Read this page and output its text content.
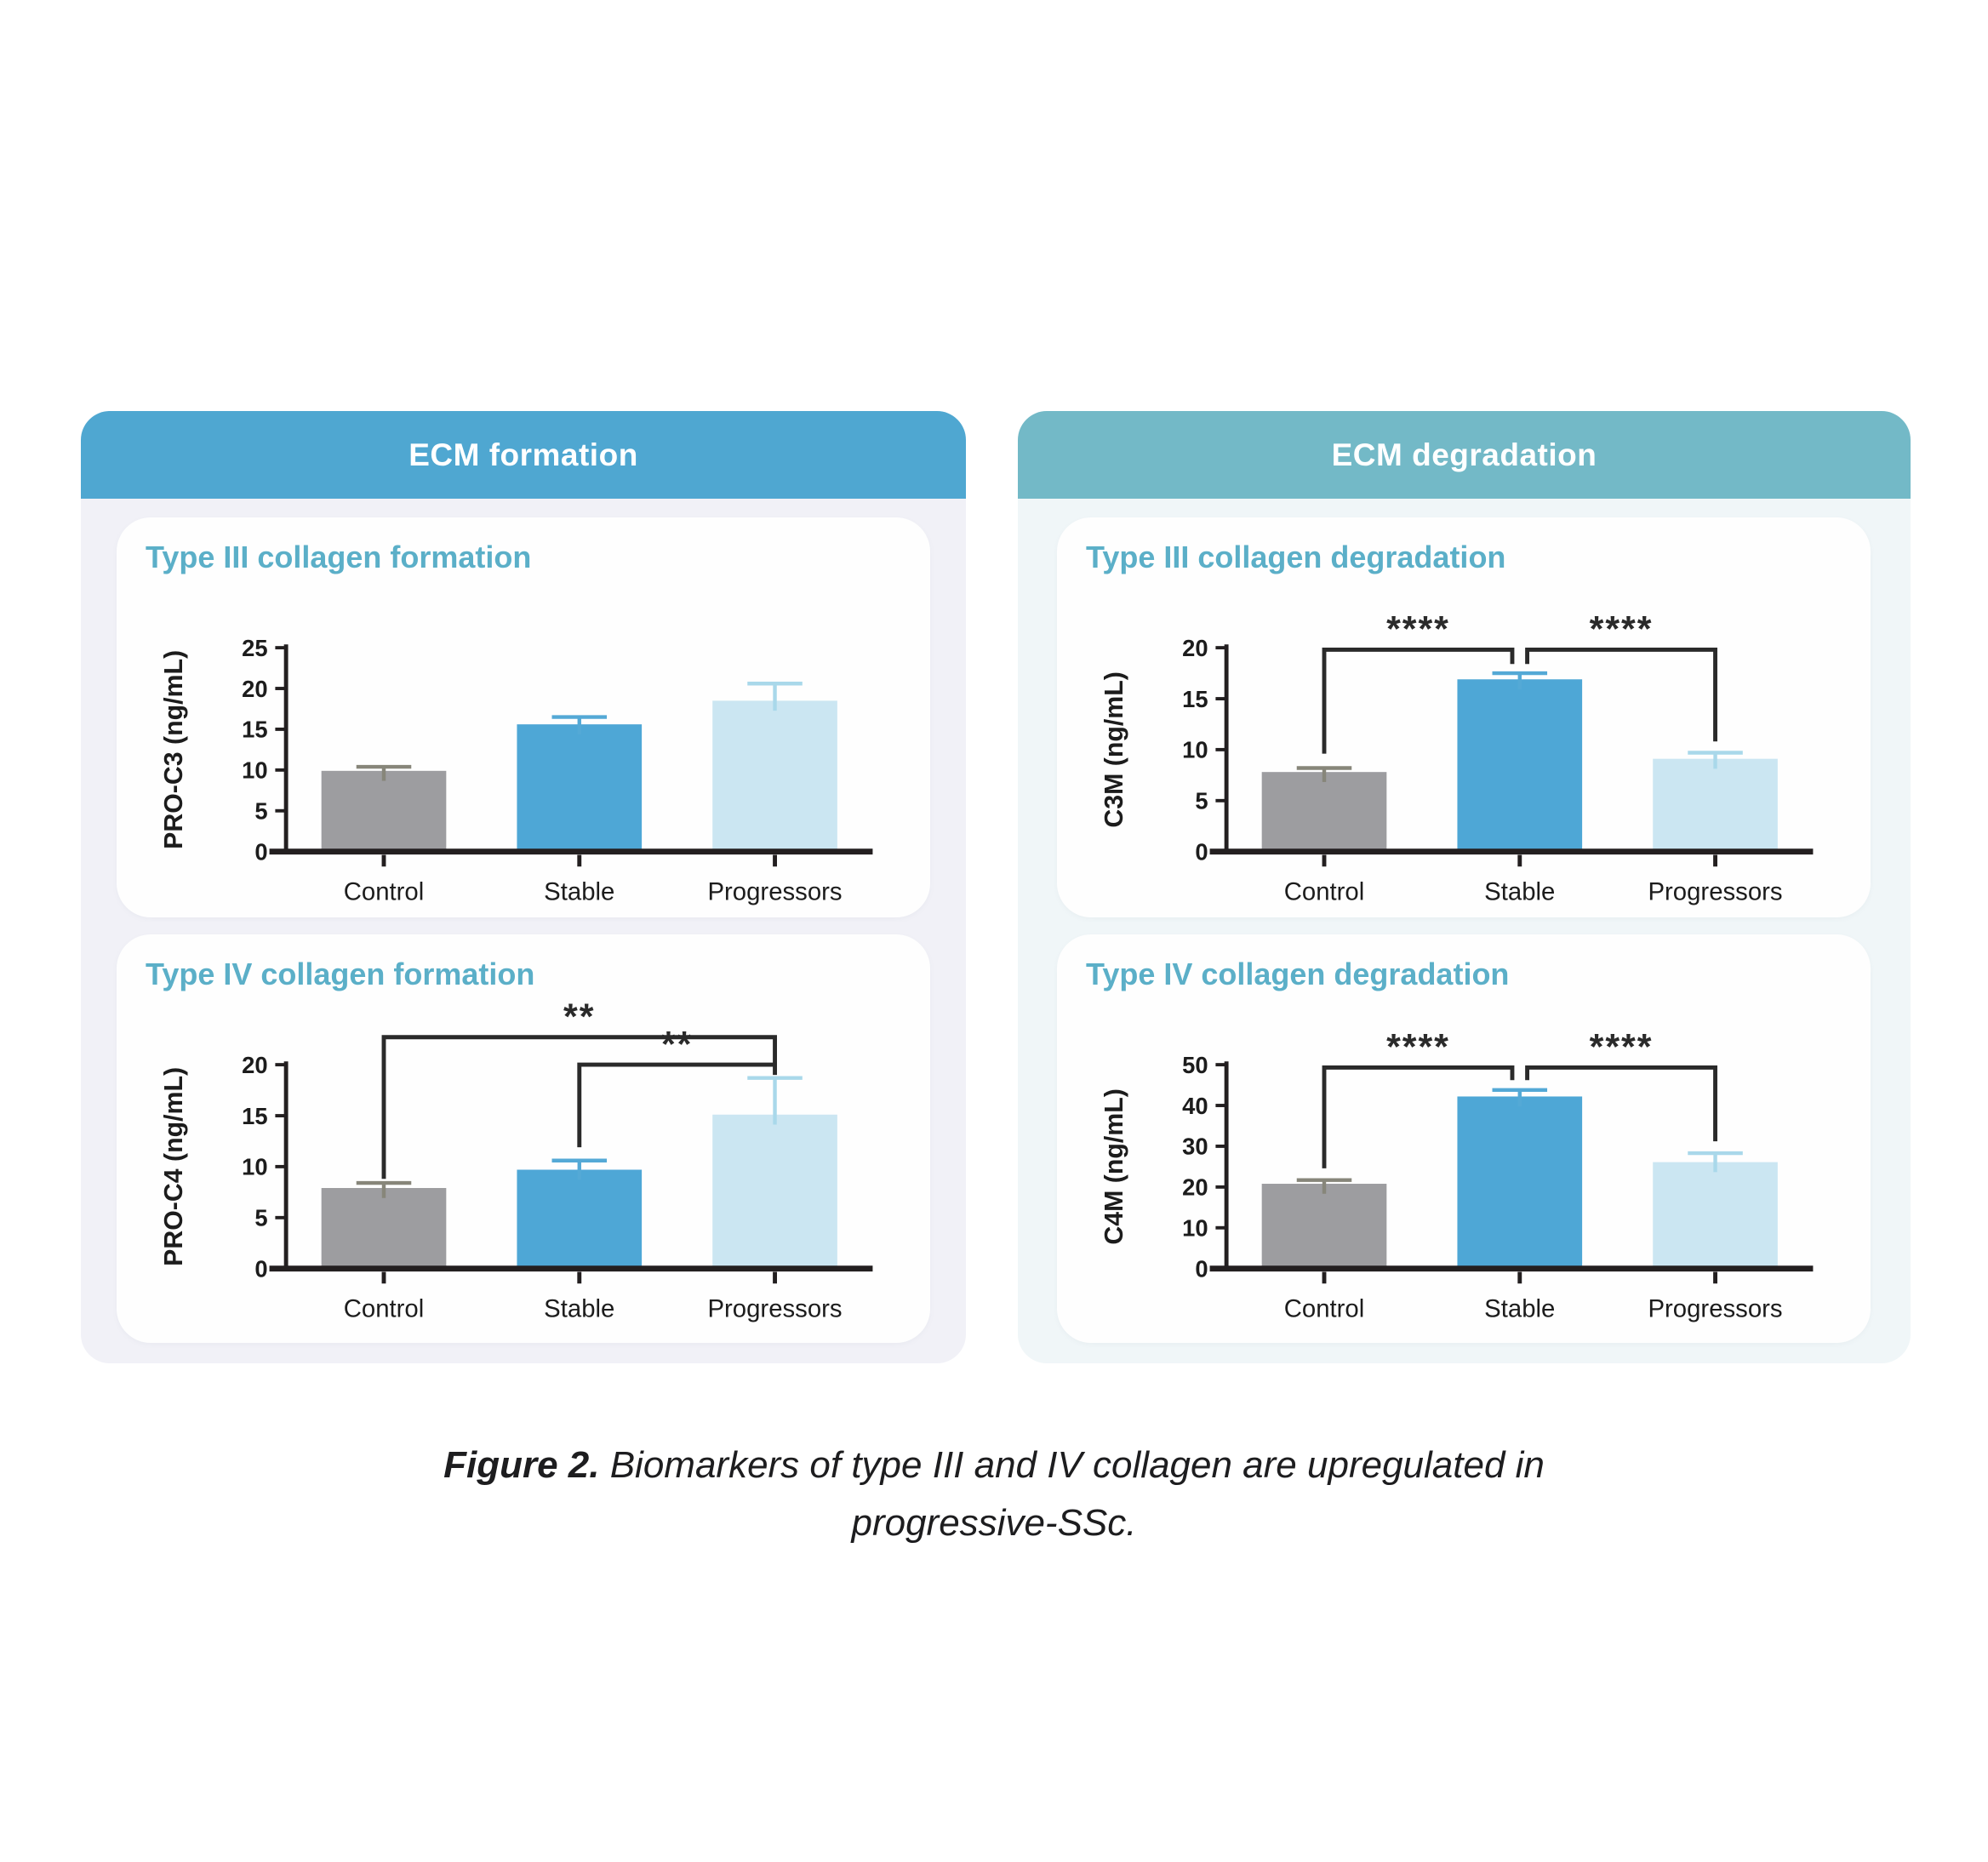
ECM formation
Type III collagen formation
0
5
10
15
20
25
PRO-C3 (ng/mL)
Control	Stable	Progressors
Type IV collagen formation
0
5
10
15
20
PRO-C4 (ng/mL)
Control	Stable	Progressors
**
**
ECM degradation
Type III collagen degradation
0
5
10
15
20
C3M (ng/mL)
Control	Stable	Progressors
****	****
Type IV collagen degradation
0
10
20
30
40
50
C4M (ng/mL)
Control	Stable	Progressors
****	****
Figure 2. Biomarkers of type III and IV collagen are upregulated in
progressive-SSc.
